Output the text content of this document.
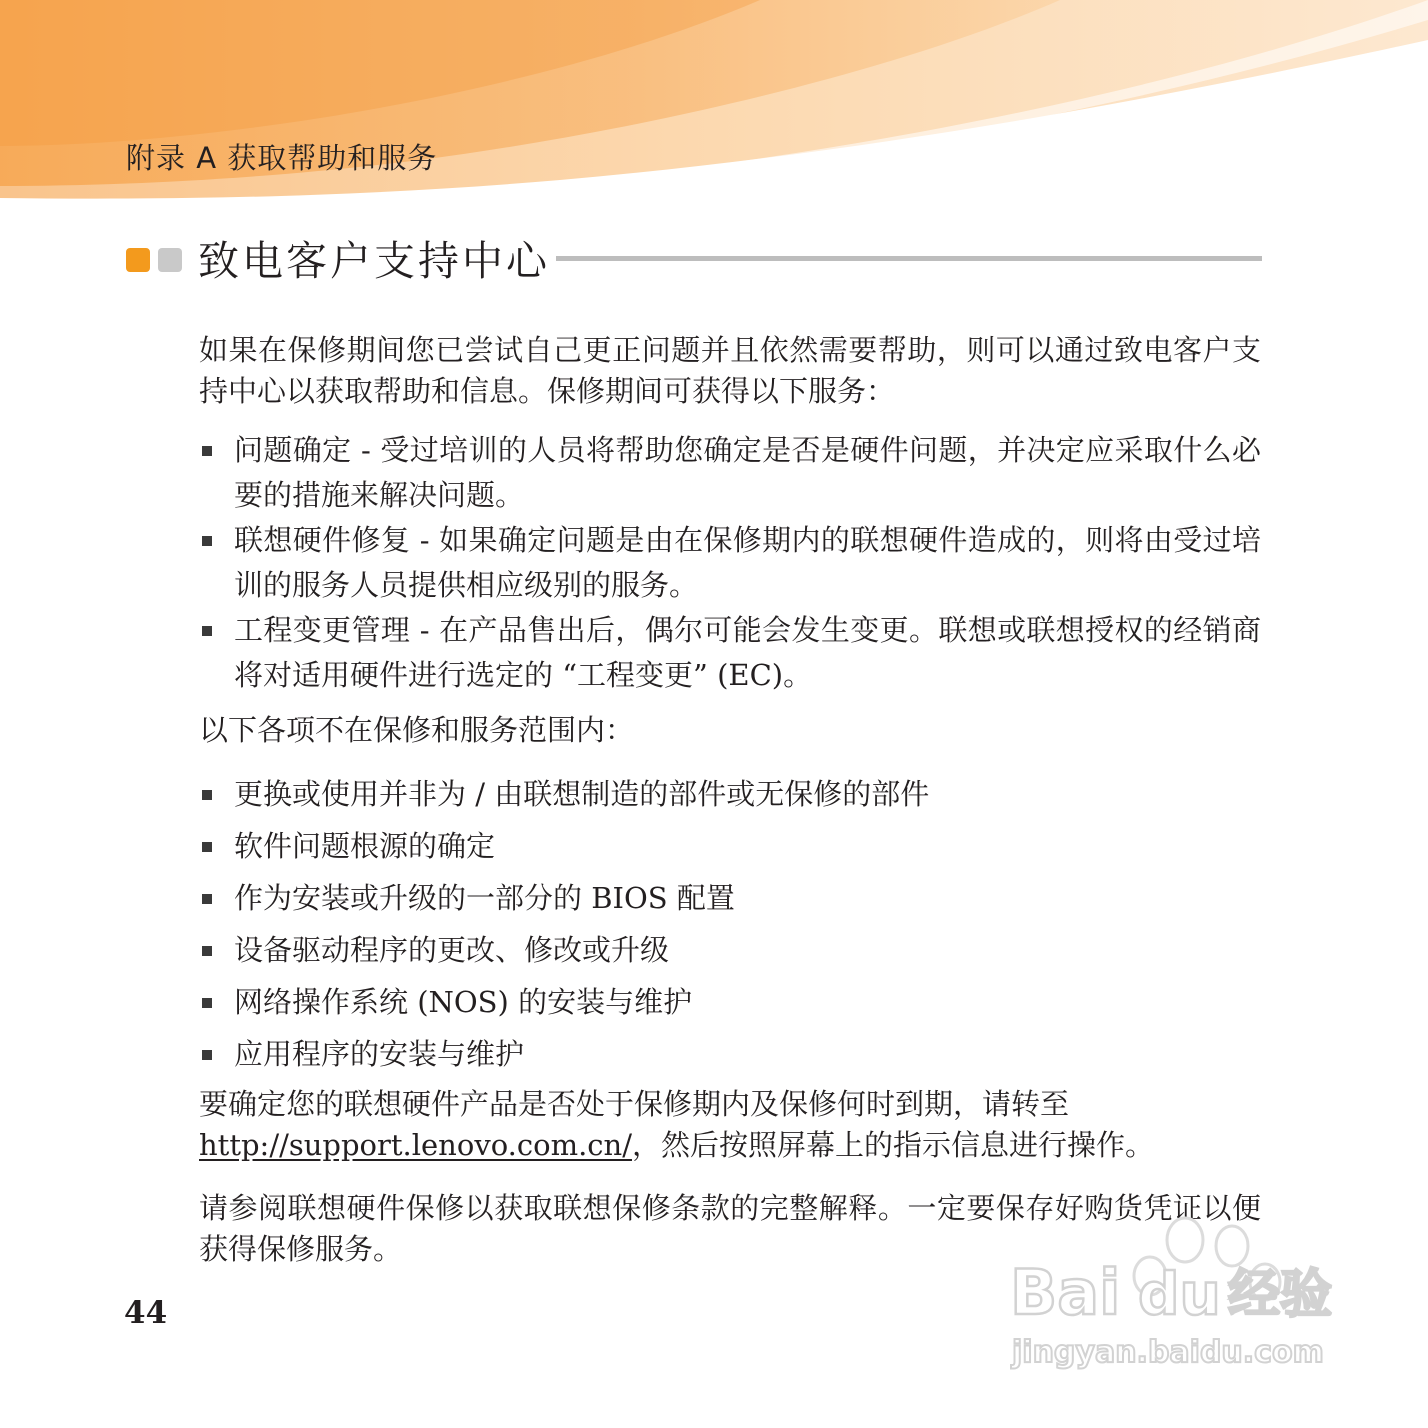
附录 A 获取帮助和服务
致电客户支持中心

如果在保修期间您已尝试自己更正问题并且依然需要帮助，则可以通过致电客户支持中心以获取帮助和信息。保修期间可获得以下服务：

问题确定 - 受过培训的人员将帮助您确定是否是硬件问题，并决定应采取什么必要的措施来解决问题。
联想硬件修复 - 如果确定问题是由在保修期内的联想硬件造成的，则将由受过培训的服务人员提供相应级别的服务。
工程变更管理 - 在产品售出后，偶尔可能会发生变更。联想或联想授权的经销商将对适用硬件进行选定的 “工程变更” (EC)。

以下各项不在保修和服务范围内：

更换或使用并非为 / 由联想制造的部件或无保修的部件
软件问题根源的确定
作为安装或升级的一部分的 BIOS 配置
设备驱动程序的更改、修改或升级
网络操作系统 (NOS) 的安装与维护
应用程序的安装与维护

要确定您的联想硬件产品是否处于保修期内及保修何时到期，请转至
http://support.lenovo.com.cn/，然后按照屏幕上的指示信息进行操作。

请参阅联想硬件保修以获取联想保修条款的完整解释。一定要保存好购货凭证以便获得保修服务。

44	Bai du 经验
jingyan.baidu.com
